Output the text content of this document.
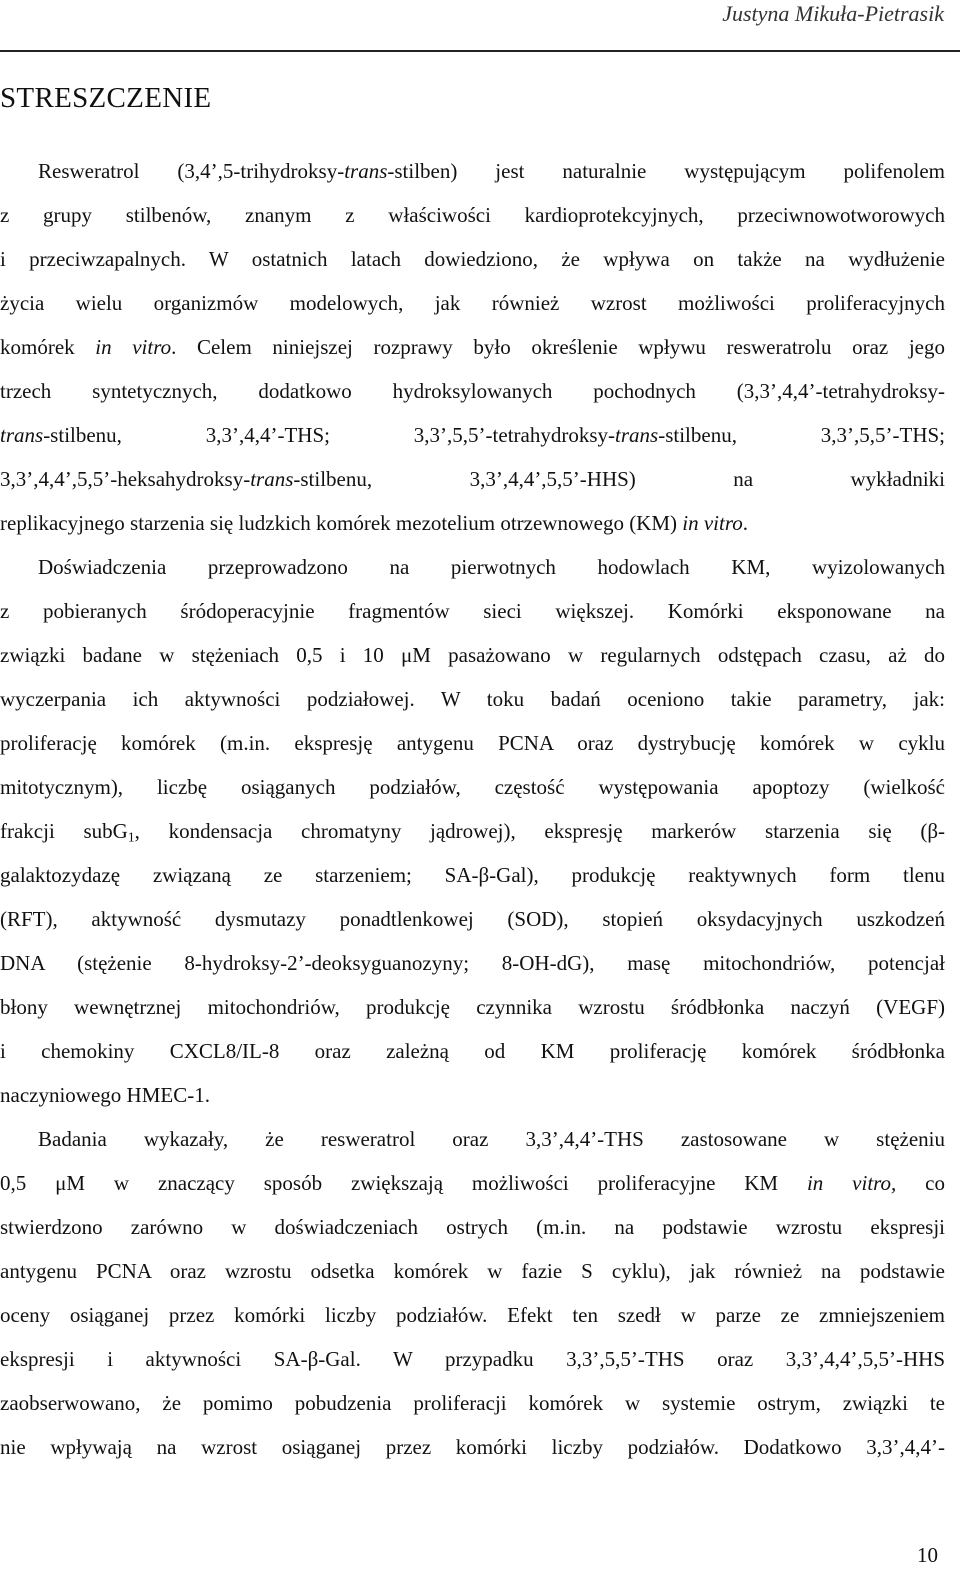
Justyna Mikuła-Pietrasik
STRESZCZENIE
Resweratrol (3,4’,5-trihydroksy-trans-stilben) jest naturalnie występującym polifenolem
z grupy stilbenów, znanym z właściwości kardioprotekcyjnych, przeciwnowotworowych
i przeciwzapalnych. W ostatnich latach dowiedziono, że wpływa on także na wydłużenie
życia wielu organizmów modelowych, jak również wzrost możliwości proliferacyjnych
komórek in vitro. Celem niniejszej rozprawy było określenie wpływu resweratrolu oraz jego
trzech syntetycznych, dodatkowo hydroksylowanych pochodnych (3,3’,4,4’-tetrahydroksy-
trans-stilbenu, 3,3’,4,4’-THS; 3,3’,5,5’-tetrahydroksy-trans-stilbenu, 3,3’,5,5’-THS;
3,3’,4,4’,5,5’-heksahydroksy-trans-stilbenu, 3,3’,4,4’,5,5’-HHS) na wykładniki
replikacyjnego starzenia się ludzkich komórek mezotelium otrzewnowego (KM) in vitro.
Doświadczenia przeprowadzono na pierwotnych hodowlach KM, wyizolowanych
z pobieranych śródoperacyjnie fragmentów sieci większej. Komórki eksponowane na
związki badane w stężeniach 0,5 i 10 μM pasażowano w regularnych odstępach czasu, aż do
wyczerpania ich aktywności podziałowej. W toku badań oceniono takie parametry, jak:
proliferację komórek (m.in. ekspresję antygenu PCNA oraz dystrybucję komórek w cyklu
mitotycznym), liczbę osiąganych podziałów, częstość występowania apoptozy (wielkość
frakcji subG$_1$, kondensacja chromatyny jądrowej), ekspresję markerów starzenia się (β-
galaktozydazę związaną ze starzeniem; SA-β-Gal), produkcję reaktywnych form tlenu
(RFT), aktywność dysmutazy ponadtlenkowej (SOD), stopień oksydacyjnych uszkodzeń
DNA (stężenie 8-hydroksy-2’-deoksyguanozyny; 8-OH-dG), masę mitochondriów, potencjał
błony wewnętrznej mitochondriów, produkcję czynnika wzrostu śródbłonka naczyń (VEGF)
i chemokiny CXCL8/IL-8 oraz zależną od KM proliferację komórek śródbłonka
naczyniowego HMEC-1.
Badania wykazały, że resweratrol oraz 3,3’,4,4’-THS zastosowane w stężeniu
0,5 μM w znaczący sposób zwiększają możliwości proliferacyjne KM in vitro, co
stwierdzono zarówno w doświadczeniach ostrych (m.in. na podstawie wzrostu ekspresji
antygenu PCNA oraz wzrostu odsetka komórek w fazie S cyklu), jak również na podstawie
oceny osiąganej przez komórki liczby podziałów. Efekt ten szedł w parze ze zmniejszeniem
ekspresji i aktywności SA-β-Gal. W przypadku 3,3’,5,5’-THS oraz 3,3’,4,4’,5,5’-HHS
zaobserwowano, że pomimo pobudzenia proliferacji komórek w systemie ostrym, związki te
nie wpływają na wzrost osiąganej przez komórki liczby podziałów. Dodatkowo 3,3’,4,4’-
10
